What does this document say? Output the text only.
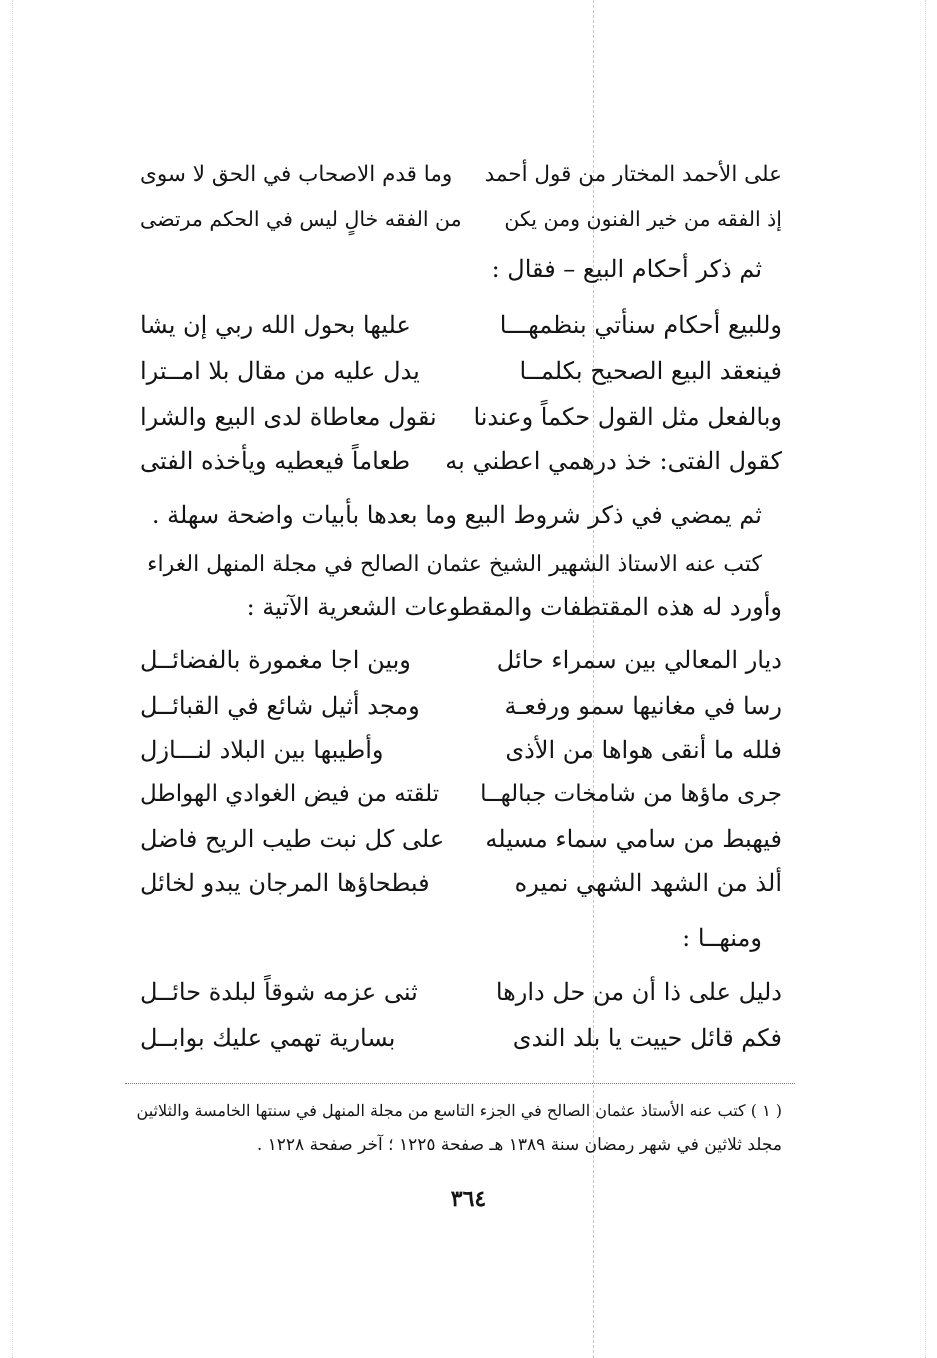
على الأحمد المختار من قول أحمد
وما قدم الاصحاب في الحق لا سوى
إذ الفقه من خير الفنون ومن يكن
من الفقه خالٍ ليس في الحكم مرتضى
ثم ذكر أحكام البيع – فقال :
وللبيع أحكام سنأتي بنظمهـــا
عليها بحول الله ربي إن يشا
فينعقد البيع الصحيح بكلمــا
يدل عليه من مقال بلا امــترا
وبالفعل مثل القول حكماً وعندنا
نقول معاطاة لدى البيع والشرا
كقول الفتى: خذ درهمي اعطني به
طعاماً فيعطيه ويأخذه الفتى
ثم يمضي في ذكر شروط البيع وما بعدها بأبيات واضحة سهلة .
كتب عنه الاستاذ الشهير الشيخ عثمان الصالح في مجلة المنهل الغراء
وأورد له هذه المقتطفات والمقطوعات الشعرية الآتية :
ديار المعالي بين سمراء حائل
وبين اجا مغمورة بالفضائــل
رسا في مغانيها سمو ورفعـة
ومجد أثيل شائع في القبائــل
فلله ما أنقى هواها من الأذى
وأطيبها بين البلاد لنـــازل
جرى ماؤها من شامخات جبالهــا
تلقته من فيض الغوادي الهواطل
فيهبط من سامي سماء مسيله
على كل نبت طيب الريح فاضل
ألذ من الشهد الشهي نميره
فبطحاؤها المرجان يبدو لخائل
ومنهــا :
دليل على ذا أن من حل دارها
ثنى عزمه شوقاً لبلدة حائــل
فكم قائل حييت يا بلد الندى
بسارية تهمي عليك بوابــل
( ١ ) كتب عنه الأستاذ عثمان الصالح في الجزء التاسع من مجلة المنهل في سنتها الخامسة والثلاثين
مجلد ثلاثين في شهر رمضان سنة ١٣٨٩ هـ صفحة ١٢٢٥ ؛ آخر صفحة ١٢٢٨ .
٣٦٤
